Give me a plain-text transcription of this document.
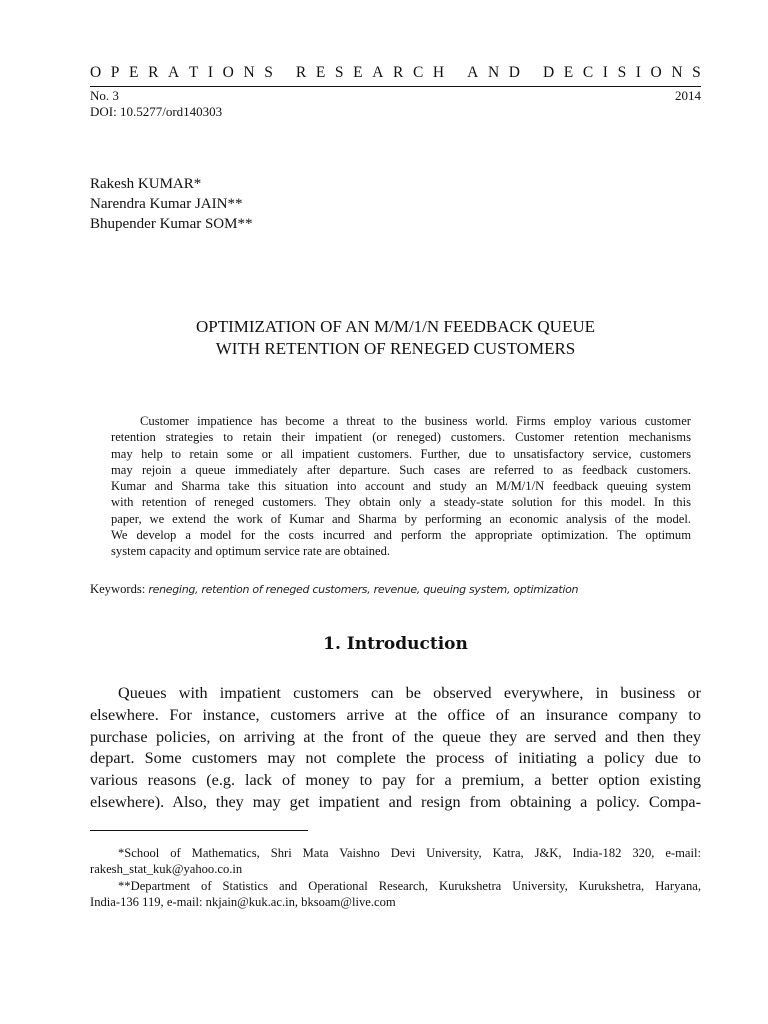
O P E R A T I O N S
R E S E A R C H
A N D
D E C I S I O N S
No. 3	2014
DOI: 10.5277/ord140303
Rakesh KUMAR*
Narendra Kumar JAIN**
Bhupender Kumar SOM**
OPTIMIZATION OF AN M/M/1/N FEEDBACK QUEUE
WITH RETENTION OF RENEGED CUSTOMERS
Customer impatience has become a threat to the business world. Firms employ various customer
retention strategies to retain their impatient (or reneged) customers. Customer retention mechanisms
may help to retain some or all impatient customers. Further, due to unsatisfactory service, customers
may rejoin a queue immediately after departure. Such cases are referred to as feedback customers.
Kumar and Sharma take this situation into account and study an M/M/1/N feedback queuing system
with retention of reneged customers. They obtain only a steady-state solution for this model. In this
paper, we extend the work of Kumar and Sharma by performing an economic analysis of the model.
We develop a model for the costs incurred and perform the appropriate optimization. The optimum
system capacity and optimum service rate are obtained.
Keywords: reneging, retention of reneged customers, revenue, queuing system, optimization
1. Introduction
Queues with impatient customers can be observed everywhere, in business or
elsewhere. For instance, customers arrive at the office of an insurance company to
purchase policies, on arriving at the front of the queue they are served and then they
depart. Some customers may not complete the process of initiating a policy due to
various reasons (e.g. lack of money to pay for a premium, a better option existing
elsewhere). Also, they may get impatient and resign from obtaining a policy. Compa-
*School of Mathematics, Shri Mata Vaishno Devi University, Katra, J&K, India-182 320, e-mail:
rakesh_stat_kuk@yahoo.co.in
**Department of Statistics and Operational Research, Kurukshetra University, Kurukshetra, Haryana,
India-136 119, e-mail: nkjain@kuk.ac.in, bksoam@live.com
